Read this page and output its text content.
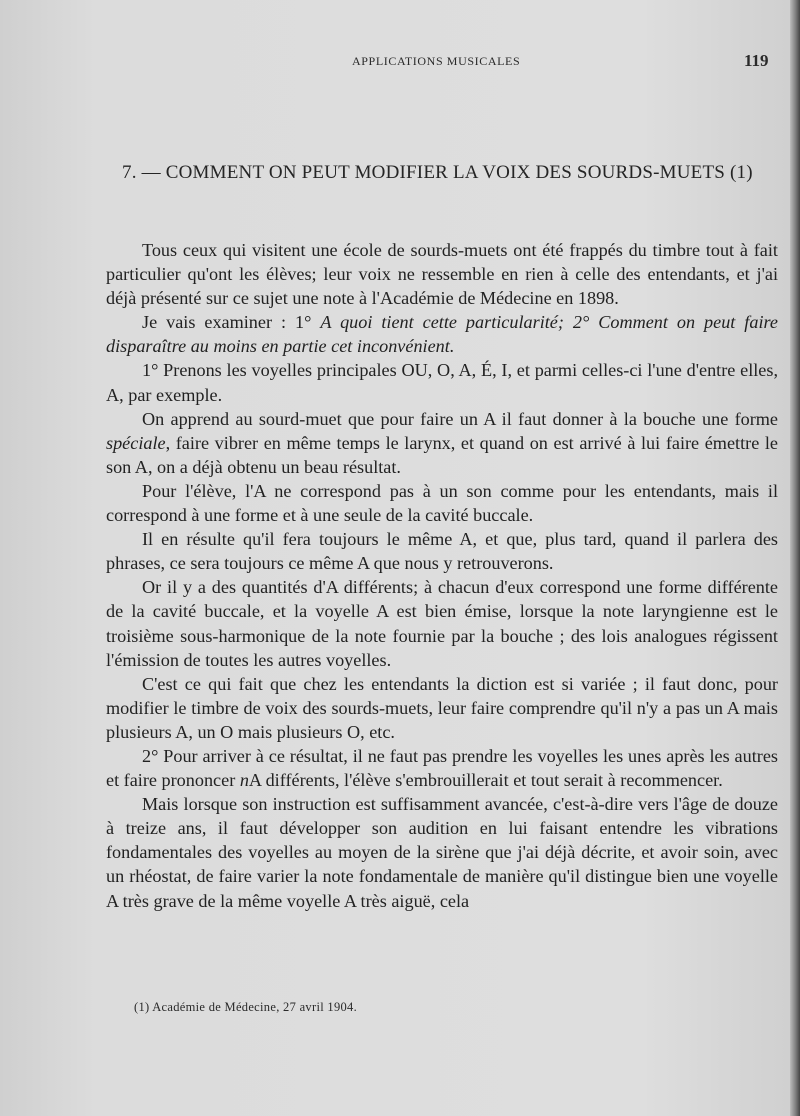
APPLICATIONS MUSICALES	119
7. — COMMENT ON PEUT MODIFIER LA VOIX DES SOURDS-MUETS (1)

Tous ceux qui visitent une école de sourds-muets ont été frappés du timbre tout à fait particulier qu'ont les élèves; leur voix ne ressemble en rien à celle des entendants, et j'ai déjà présenté sur ce sujet une note à l'Académie de Médecine en 1898.

Je vais examiner : 1° A quoi tient cette particularité; 2° Comment on peut faire disparaître au moins en partie cet inconvénient.

1° Prenons les voyelles principales OU, O, A, É, I, et parmi celles-ci l'une d'entre elles, A, par exemple.

On apprend au sourd-muet que pour faire un A il faut donner à la bouche une forme spéciale, faire vibrer en même temps le larynx, et quand on est arrivé à lui faire émettre le son A, on a déjà obtenu un beau résultat.

Pour l'élève, l'A ne correspond pas à un son comme pour les entendants, mais il correspond à une forme et à une seule de la cavité buccale.

Il en résulte qu'il fera toujours le même A, et que, plus tard, quand il parlera des phrases, ce sera toujours ce même A que nous y retrouverons.

Or il y a des quantités d'A différents; à chacun d'eux correspond une forme différente de la cavité buccale, et la voyelle A est bien émise, lorsque la note laryngienne est le troisième sous-harmonique de la note fournie par la bouche ; des lois analogues régissent l'émission de toutes les autres voyelles.

C'est ce qui fait que chez les entendants la diction est si variée ; il faut donc, pour modifier le timbre de voix des sourds-muets, leur faire comprendre qu'il n'y a pas un A mais plusieurs A, un O mais plusieurs O, etc.

2° Pour arriver à ce résultat, il ne faut pas prendre les voyelles les unes après les autres et faire prononcer nA différents, l'élève s'embrouillerait et tout serait à recommencer.

Mais lorsque son instruction est suffisamment avancée, c'est-à-dire vers l'âge de douze à treize ans, il faut développer son audition en lui faisant entendre les vibrations fondamentales des voyelles au moyen de la sirène que j'ai déjà décrite, et avoir soin, avec un rhéostat, de faire varier la note fondamentale de manière qu'il distingue bien une voyelle A très grave de la même voyelle A très aiguë, cela

(1) Académie de Médecine, 27 avril 1904.
